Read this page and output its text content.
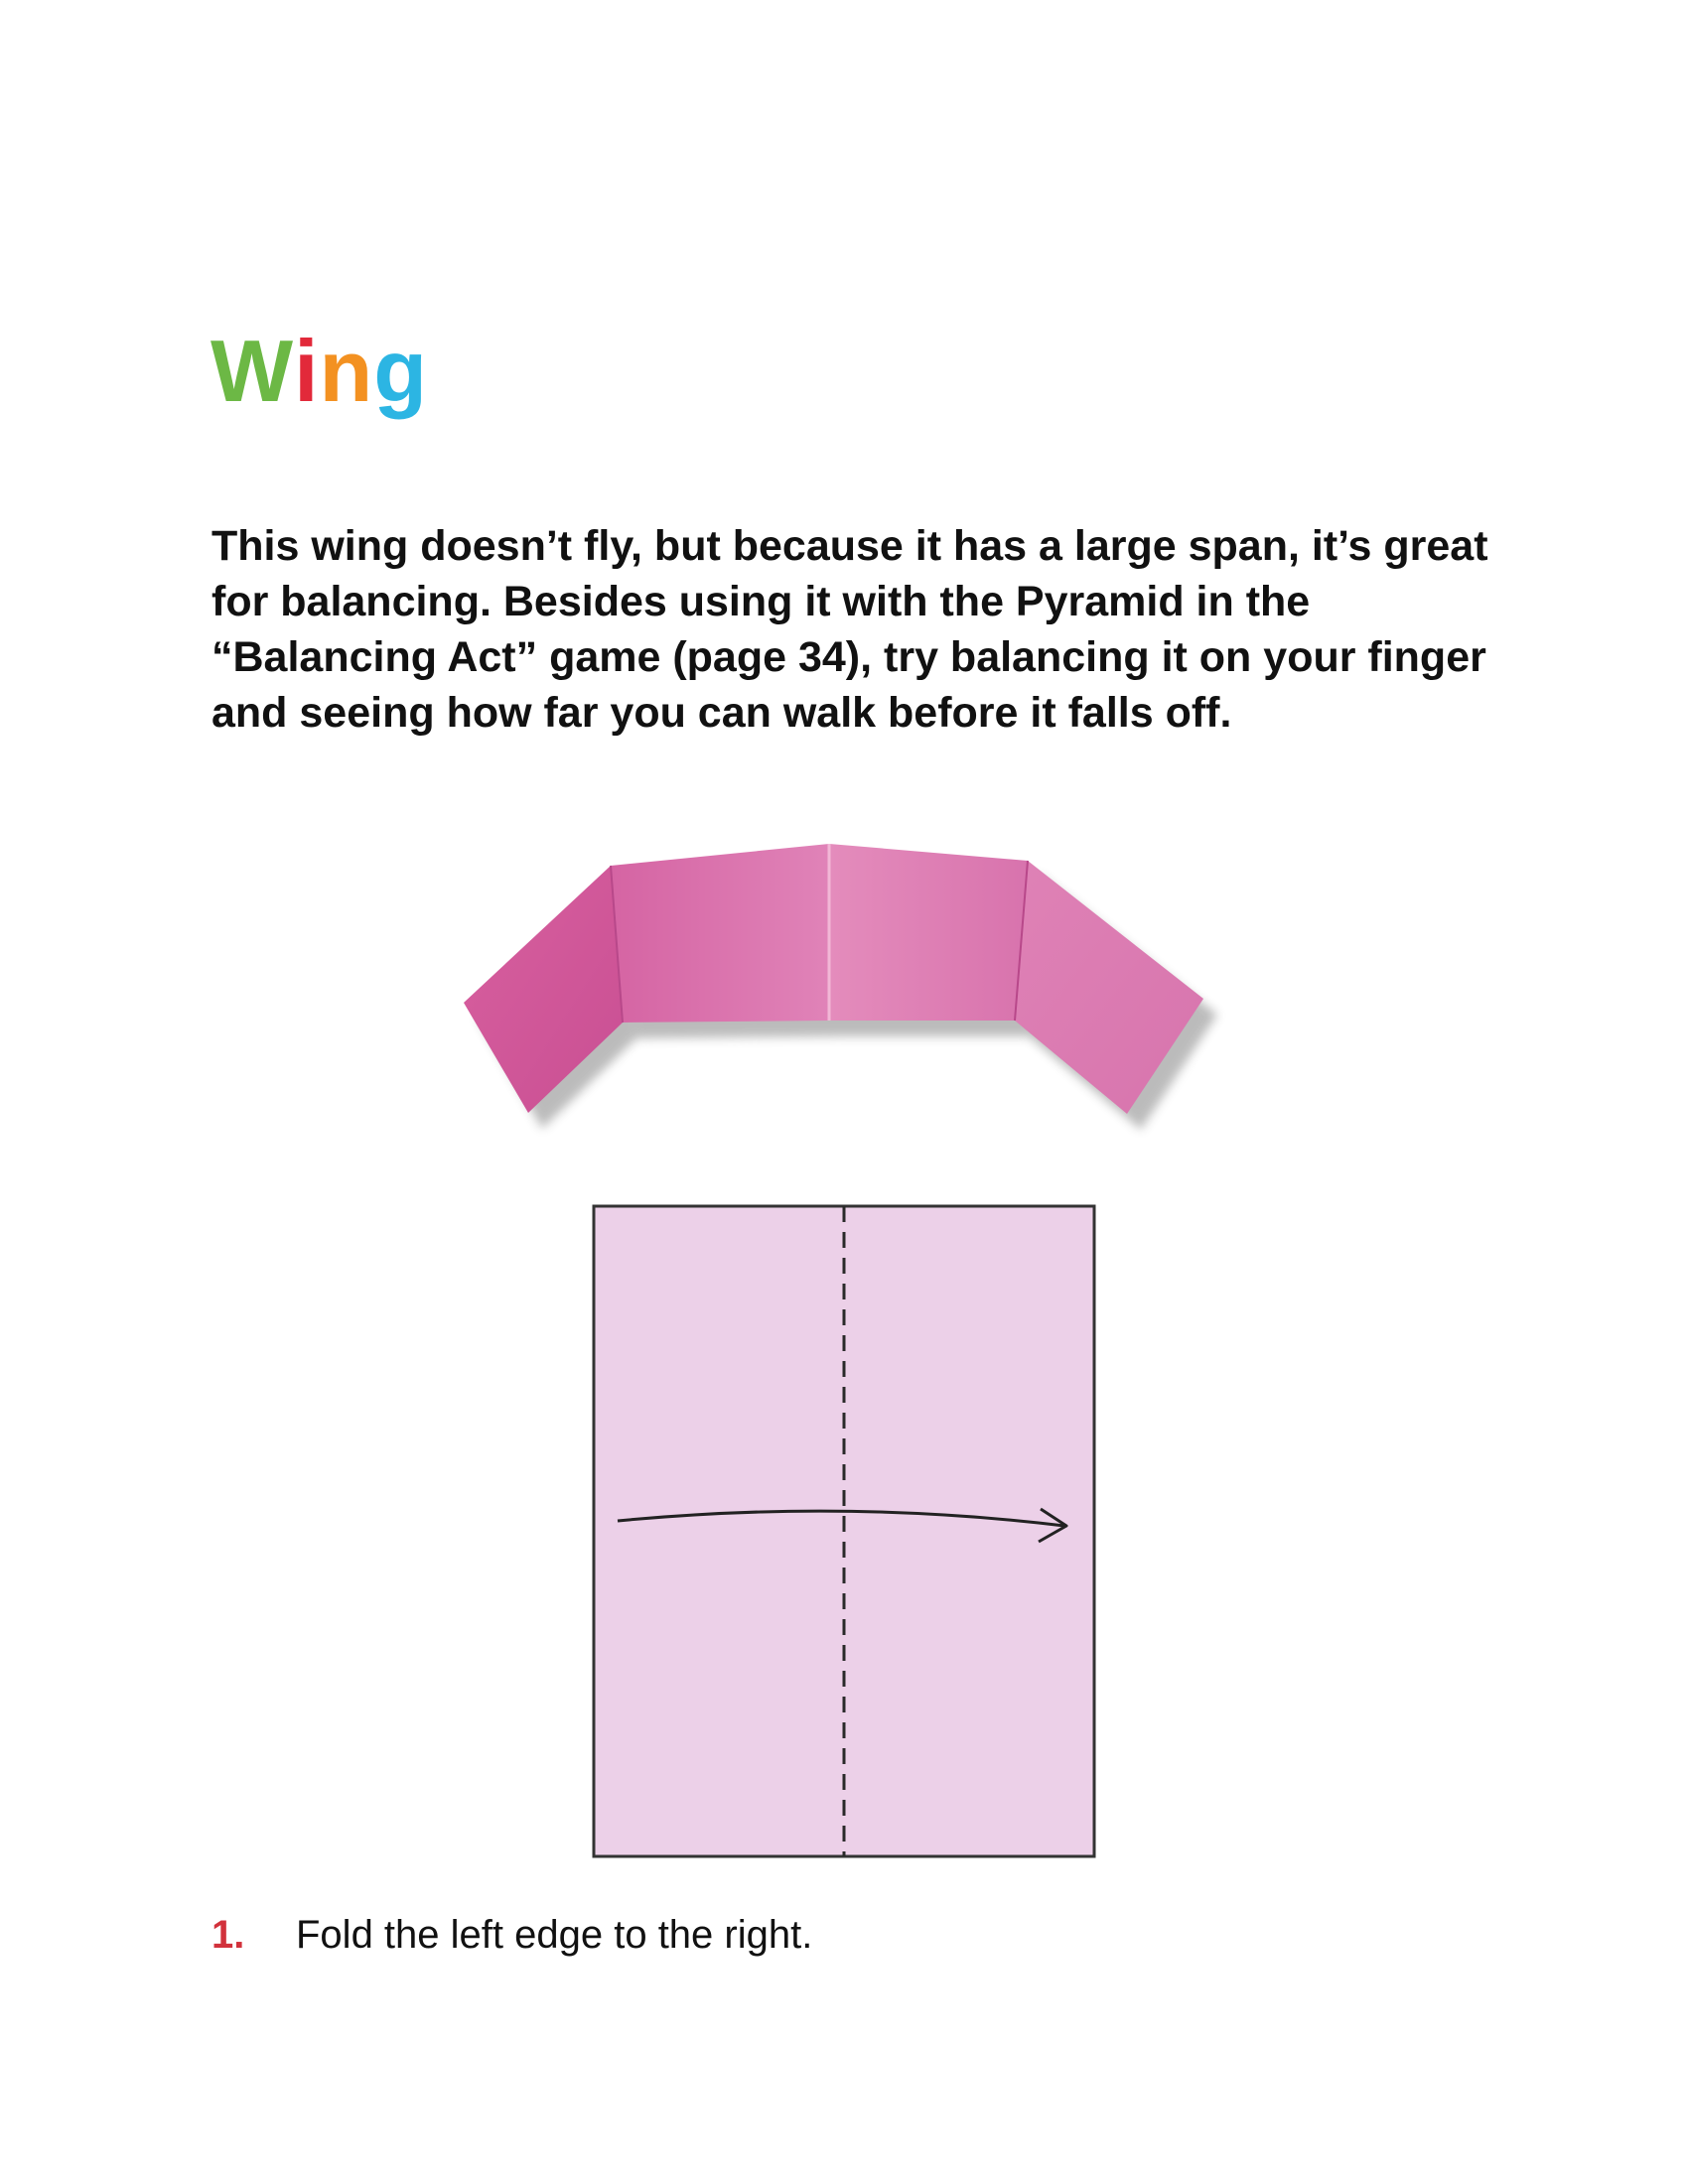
Wing

This wing doesn’t fly, but because it has a large span, it’s great for balancing. Besides using it with the Pyramid in the “Balancing Act” game (page 34), try balancing it on your finger and seeing how far you can walk before it falls off.

1.	Fold the left edge to the right.
